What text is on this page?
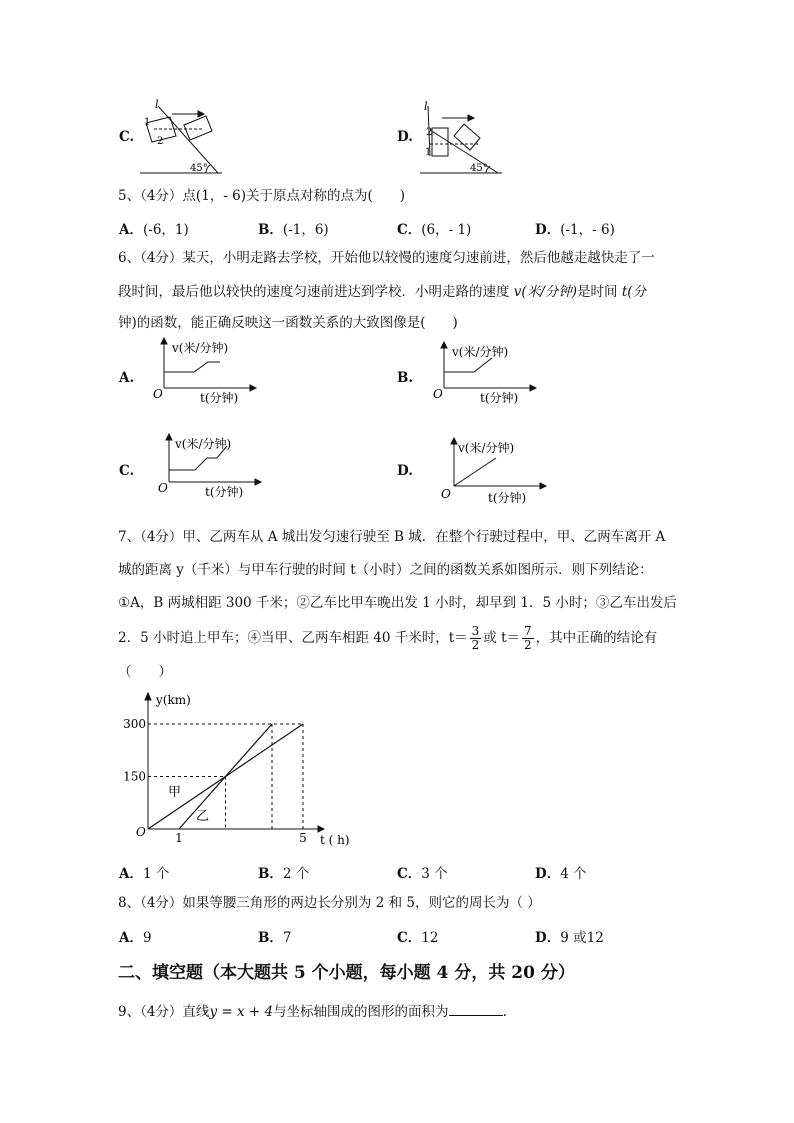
C.
l
1
2
45°
D.
l
1
2
45°
5、（4分）点(1，- 6)关于原点对称的点为(　　)
A．(-6，1)	B．(-1，6)	C．(6，- 1)	D．(-1，- 6)
6、（4分）某天，小明走路去学校，开始他以较慢的速度匀速前进，然后他越走越快走了一
段时间，最后他以较快的速度匀速前进达到学校．小明走路的速度 v(米/分钟)是时间 t(分
钟)的函数，能正确反映这一函数关系的大致图像是(　　)
A.
v(米/分钟)
t(分钟)
O
B.
v(米/分钟)
t(分钟)
O
C.
v(米/分钟)
t(分钟)
O
D.
v(米/分钟)
t(分钟)
O
7、（4分）甲、乙两车从 A 城出发匀速行驶至 B 城．在整个行驶过程中，甲、乙两车离开 A
城的距离 y（千米）与甲车行驶的时间 t（小时）之间的函数关系如图所示．则下列结论：
①A，B 两城相距 300 千米；②乙车比甲车晚出发 1 小时，却早到 1．5 小时；③乙车出发后
2．5 小时追上甲车；④当甲、乙两车相距 40 千米时，$t= \frac{3}{2}$ 或 $t= \frac{7}{2}$ ，其中正确的结论有
（　　）
y(km)
t ( h)
O
300
150
1	5
甲
乙
A．1 个	B．2 个	C．3 个	D．4 个
8、（4分）如果等腰三角形的两边长分别为 2 和 5，则它的周长为（ ）
A．9	B．7	C．12	D．9 或12
二、填空题（本大题共 5 个小题，每小题 4 分，共 20 分）
9、（4分）直线y = x + 4与坐标轴围成的图形的面积为	.
